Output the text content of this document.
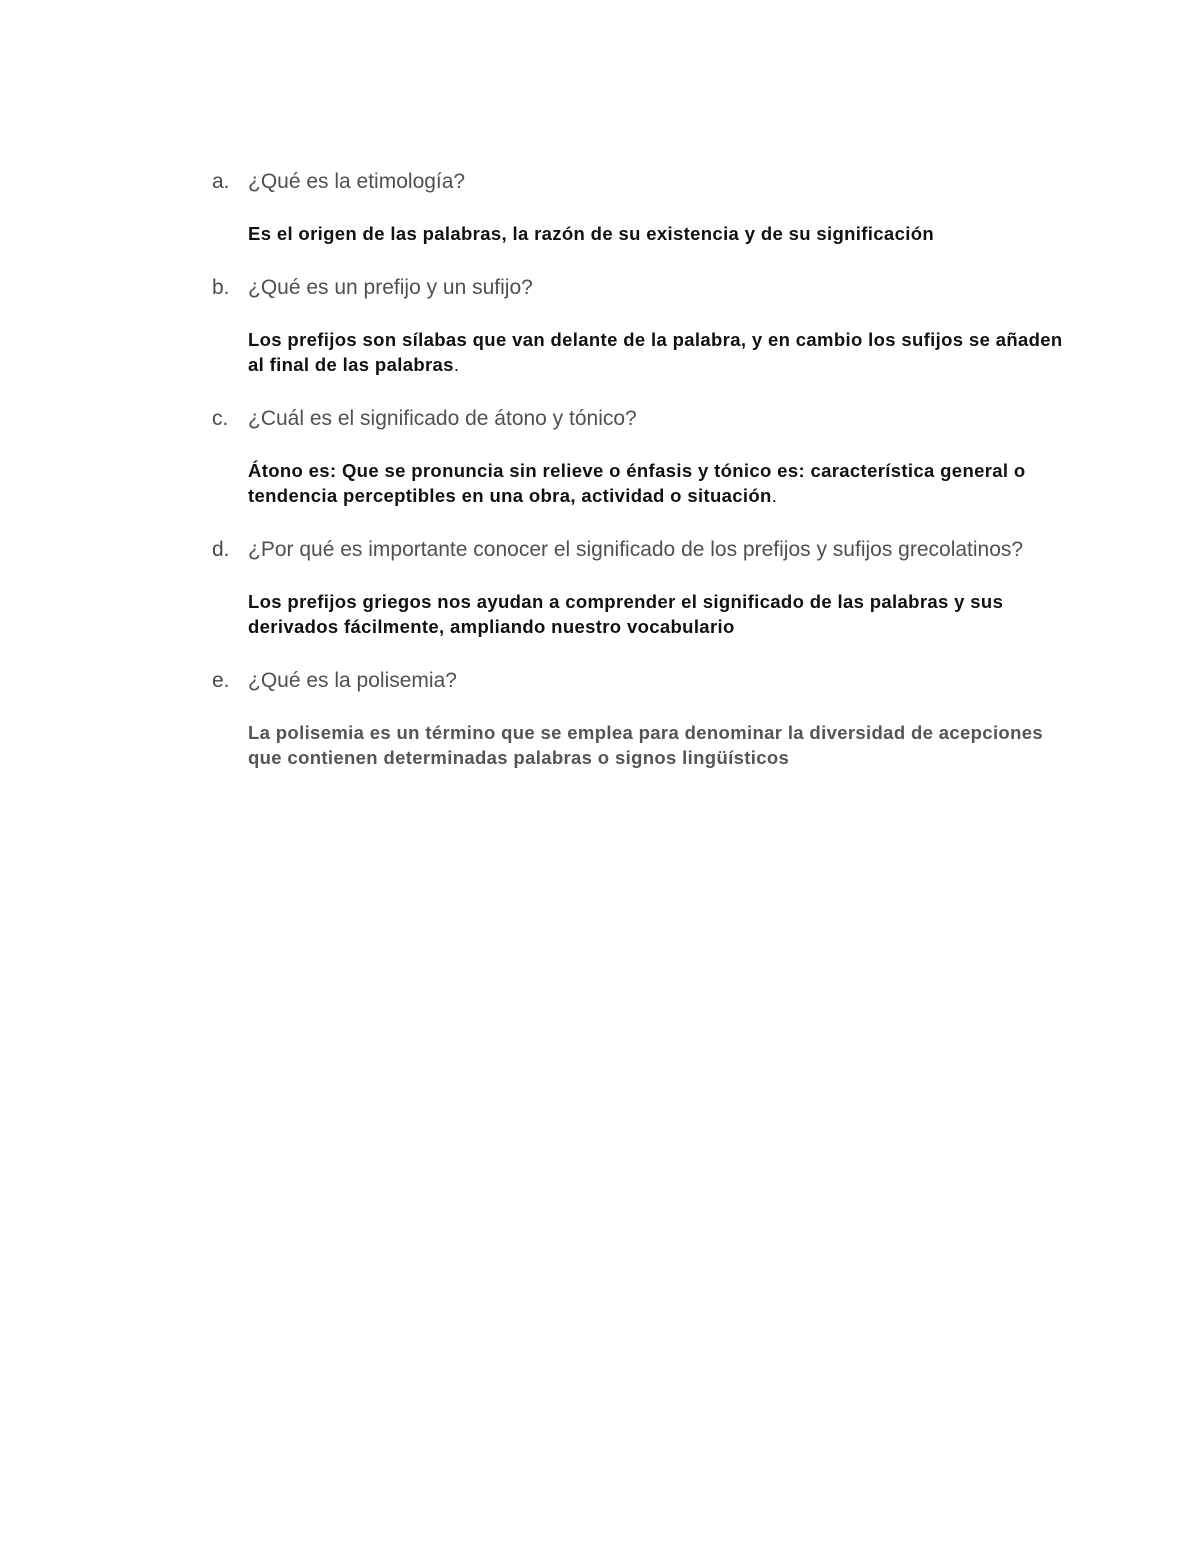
a. ¿Qué es la etimología?
Es el origen de las palabras, la razón de su existencia y de su significación
b. ¿Qué es un prefijo y un sufijo?
Los prefijos son sílabas que van delante de la palabra, y en cambio los sufijos se añaden al final de las palabras.
c. ¿Cuál es el significado de átono y tónico?
Átono es: Que se pronuncia sin relieve o énfasis y tónico es: característica general o tendencia perceptibles en una obra, actividad o situación.
d. ¿Por qué es importante conocer el significado de los prefijos y sufijos grecolatinos?
Los prefijos griegos nos ayudan a comprender el significado de las palabras y sus derivados fácilmente, ampliando nuestro vocabulario
e. ¿Qué es la polisemia?
La polisemia es un término que se emplea para denominar la diversidad de acepciones que contienen determinadas palabras o signos lingüísticos
